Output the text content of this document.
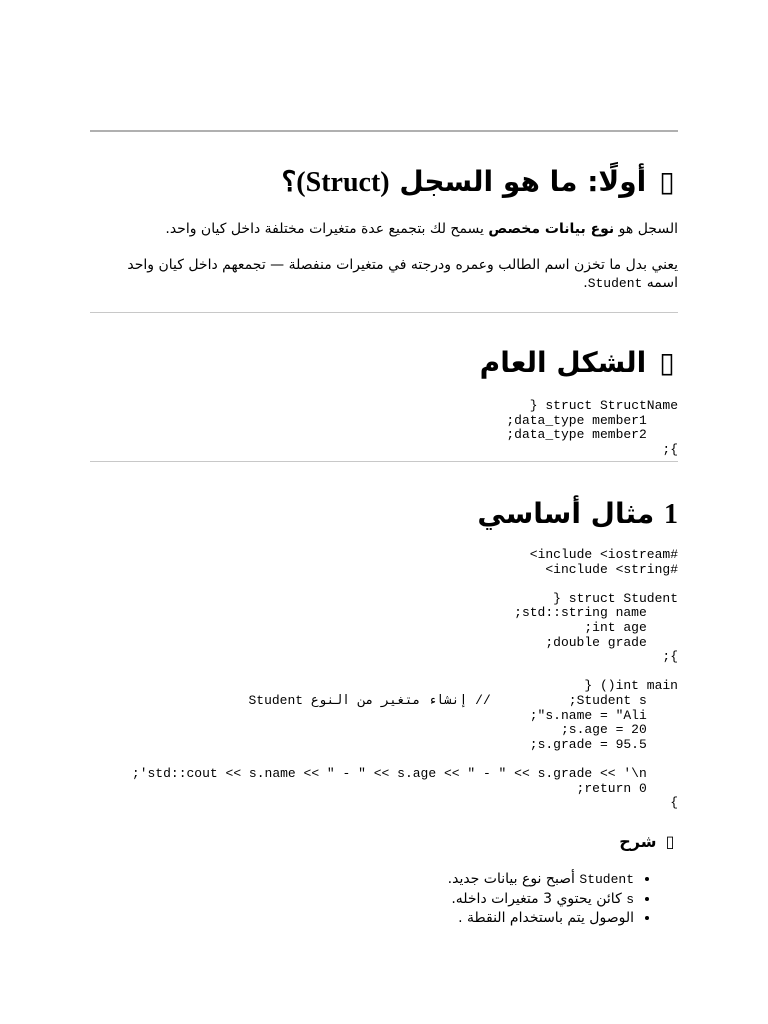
▯ أولًا: ما هو السجل (Struct)؟

السجل هو نوع بيانات مخصص يسمح لك بتجميع عدة متغيرات مختلفة داخل كيان واحد.

يعني بدل ما تخزن اسم الطالب وعمره ودرجته في متغيرات منفصلة — تجمعهم داخل كيان واحد

اسمه Student.

▯ الشكل العام
struct StructName {
data_type member1;
data_type member2;
};
1 مثال أساسي
#include <iostream>
#include <string>

struct Student {
std::string name;
int age;
double grade;
};

int main() {
Student s;          // إنشاء متغير من النوع Student
s.name = "Ali";
s.age = 20;
s.grade = 95.5;

std::cout << s.name << " - " << s.age << " - " << s.grade << '\n';
return 0;
}
▯ شرح
• Student أصبح نوع بيانات جديد.
• s كائن يحتوي 3 متغيرات داخله.
• الوصول يتم باستخدام النقطة .
